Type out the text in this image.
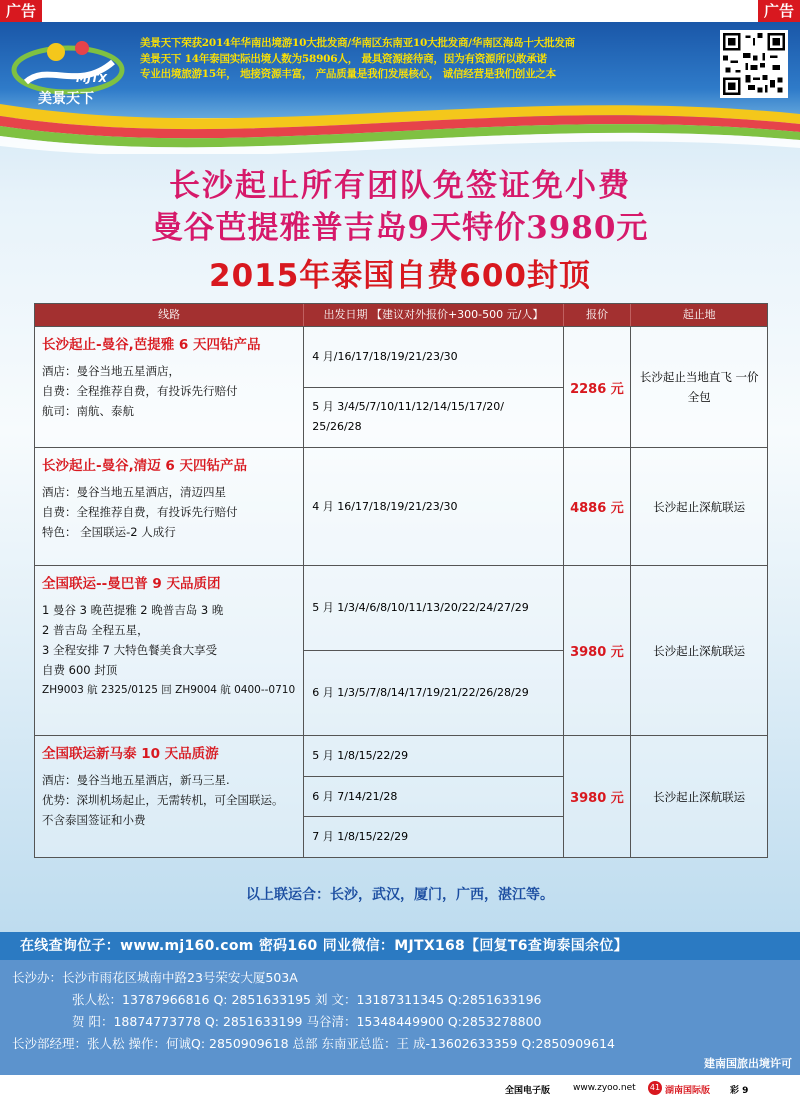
广告	广告
MJTX
美景天下
美景天下荣获2014年华南出境游10大批发商/华南区东南亚10大批发商/华南区海岛十大批发商
美景天下 14年泰国实际出境人数为58906人， 最具资源接待商，因为有资源所以敢承诺
专业出境旅游15年， 地接资源丰富， 产品质量是我们发展核心， 诚信经营是我们创业之本
长沙起止所有团队免签证免小费
曼谷芭提雅普吉岛9天特价3980元
2015年泰国自费600封顶
线路	出发日期 【建议对外报价+300-500 元/人】	报价	起止地
长沙起止-曼谷,芭提雅 6 天四钻产品
酒店：曼谷当地五星酒店，
自费：全程推荐自费，有投诉先行赔付
航司：南航、泰航
4 月/16/17/18/19/21/23/30
5 月 3/4/5/7/10/11/12/14/15/17/20/ 25/26/28
2286 元
长沙起止当地直飞 一价全包
长沙起止-曼谷,清迈 6 天四钻产品
酒店：曼谷当地五星酒店，清迈四星
自费：全程推荐自费，有投诉先行赔付
特色： 全国联运-2 人成行
4 月 16/17/18/19/21/23/30	4886 元	长沙起止深航联运
全国联运--曼巴普 9 天品质团
1 曼谷 3 晚芭提雅 2 晚普吉岛 3 晚
2 普吉岛 全程五星，
3 全程安排 7 大特色餐美食大享受
自费 600 封顶
ZH9003 航 2325/0125 回 ZH9004 航 0400--0710
5 月 1/3/4/6/8/10/11/13/20/22/24/27/29
6 月 1/3/5/7/8/14/17/19/21/22/26/28/29
3980 元	长沙起止深航联运
全国联运新马泰 10 天品质游
酒店：曼谷当地五星酒店，新马三星.
优势：深圳机场起止，无需转机，可全国联运。
不含泰国签证和小费
5 月 1/8/15/22/29
6 月 7/14/21/28
7 月 1/8/15/22/29
3980 元	长沙起止深航联运
以上联运合：长沙，武汉，厦门，广西，湛江等。
在线查询位子：www.mj160.com 密码160 同业微信：MJTX168【回复T6查询泰国余位】
长沙办：长沙市雨花区城南中路23号荣安大厦503A
张人松：13787966816 Q: 2851633195 刘 文：13187311345 Q:2851633196
贺 阳：18874773778 Q: 2851633199 马谷清：15348449900 Q:2853278800
长沙部经理：张人松 操作：何诚Q: 2850909618 总部 东南亚总监：王 成-13602633359 Q:2850909614
建南国旅出境许可
全国电子版	www.zyoo.net 41 湖南国际版 彩 9
